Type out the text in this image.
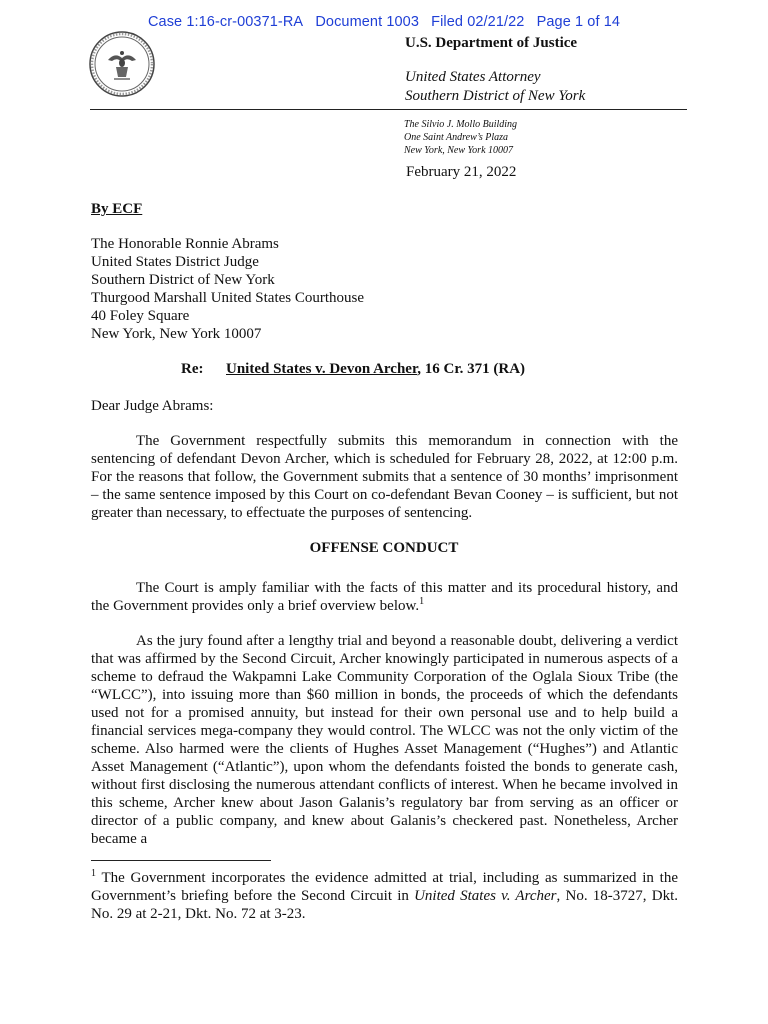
Case 1:16-cr-00371-RA Document 1003 Filed 02/21/22 Page 1 of 14
U.S. Department of Justice
United States Attorney
Southern District of New York
The Silvio J. Mollo Building
One Saint Andrew’s Plaza
New York, New York 10007
February 21, 2022
By ECF
The Honorable Ronnie Abrams
United States District Judge
Southern District of New York
Thurgood Marshall United States Courthouse
40 Foley Square
New York, New York 10007
Re: United States v. Devon Archer, 16 Cr. 371 (RA)
Dear Judge Abrams:
The Government respectfully submits this memorandum in connection with the sentencing of defendant Devon Archer, which is scheduled for February 28, 2022, at 12:00 p.m. For the reasons that follow, the Government submits that a sentence of 30 months’ imprisonment – the same sentence imposed by this Court on co-defendant Bevan Cooney – is sufficient, but not greater than necessary, to effectuate the purposes of sentencing.
OFFENSE CONDUCT
The Court is amply familiar with the facts of this matter and its procedural history, and the Government provides only a brief overview below.$^1$
As the jury found after a lengthy trial and beyond a reasonable doubt, delivering a verdict that was affirmed by the Second Circuit, Archer knowingly participated in numerous aspects of a scheme to defraud the Wakpamni Lake Community Corporation of the Oglala Sioux Tribe (the “WLCC”), into issuing more than $60 million in bonds, the proceeds of which the defendants used not for a promised annuity, but instead for their own personal use and to help build a financial services mega-company they would control. The WLCC was not the only victim of the scheme. Also harmed were the clients of Hughes Asset Management (“Hughes”) and Atlantic Asset Management (“Atlantic”), upon whom the defendants foisted the bonds to generate cash, without first disclosing the numerous attendant conflicts of interest. When he became involved in this scheme, Archer knew about Jason Galanis’s regulatory bar from serving as an officer or director of a public company, and knew about Galanis’s checkered past. Nonetheless, Archer became a
$^1$ The Government incorporates the evidence admitted at trial, including as summarized in the Government’s briefing before the Second Circuit in United States v. Archer, No. 18-3727, Dkt. No. 29 at 2-21, Dkt. No. 72 at 3-23.
